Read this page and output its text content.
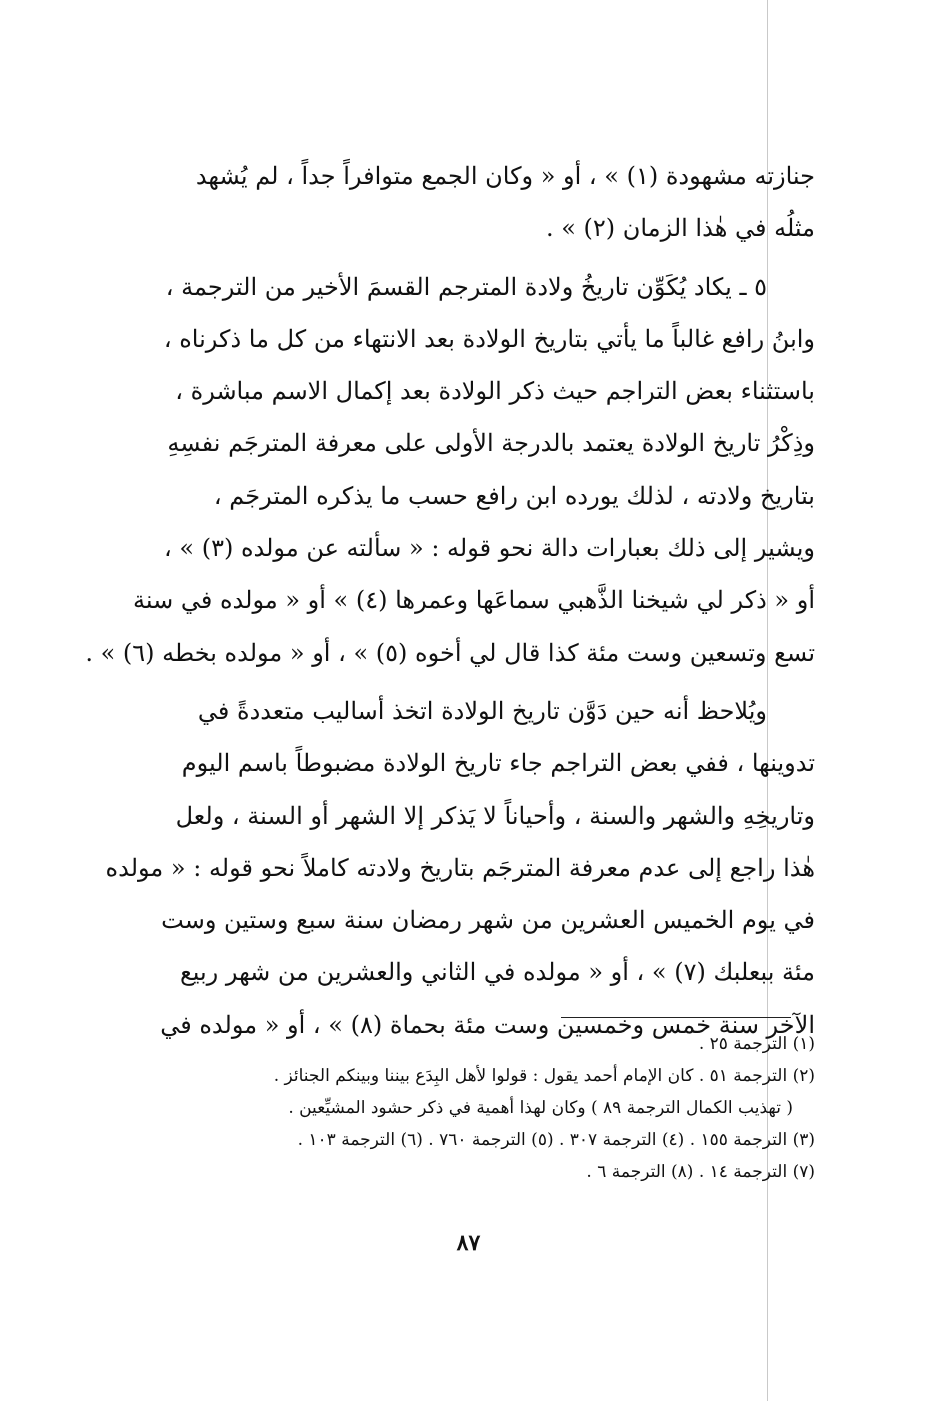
جنازته مشهودة (١) » ، أو « وكان الجمع متوافراً جداً ، لم يُشهد
مثلُه في هٰذا الزمان (٢) » .
٥ ـ يكاد يُكَوِّن تاريخُ ولادة المترجم القسمَ الأخير من الترجمة ،
وابنُ رافع غالباً ما يأتي بتاريخ الولادة بعد الانتهاء من كل ما ذكرناه ،
باستثناء بعض التراجم حيث ذكر الولادة بعد إكمال الاسم مباشرة ،
وذِكْرُ تاريخ الولادة يعتمد بالدرجة الأولى على معرفة المترجَم نفسِهِ
بتاريخ ولادته ، لذلك يورده ابن رافع حسب ما يذكره المترجَم ،
ويشير إلى ذلك بعبارات دالة نحو قوله : « سألته عن مولده (٣) » ،
أو « ذكر لي شيخنا الذَّهبي سماعَها وعمرها (٤) » أو « مولده في سنة
تسع وتسعين وست مئة كذا قال لي أخوه (٥) » ، أو « مولده بخطه (٦) » .
ويُلاحظ أنه حين دَوَّن تاريخ الولادة اتخذ أساليب متعددةً في
تدوينها ، ففي بعض التراجم جاء تاريخ الولادة مضبوطاً باسم اليوم
وتاريخِهِ والشهر والسنة ، وأحياناً لا يَذكر إلا الشهر أو السنة ، ولعل
هٰذا راجع إلى عدم معرفة المترجَم بتاريخ ولادته كاملاً نحو قوله : « مولده
في يوم الخميس العشرين من شهر رمضان سنة سبع وستين وست
مئة ببعلبك (٧) » ، أو « مولده في الثاني والعشرين من شهر ربيع
الآخر سنة خمس وخمسين وست مئة بحماة (٨) » ، أو « مولده في
(١) الترجمة ٢٥ .
(٢) الترجمة ٥١ . كان الإمام أحمد يقول : قولوا لأهل البِدَع بيننا وبينكم الجنائز .
( تهذيب الكمال الترجمة ٨٩ ) وكان لهذا أهمية في ذكر حشود المشيِّعين .
(٣) الترجمة ١٥٥ . (٤) الترجمة ٣٠٧ . (٥) الترجمة ٧٦٠ . (٦) الترجمة ١٠٣ .
(٧) الترجمة ١٤ . (٨) الترجمة ٦ .
٨٧
